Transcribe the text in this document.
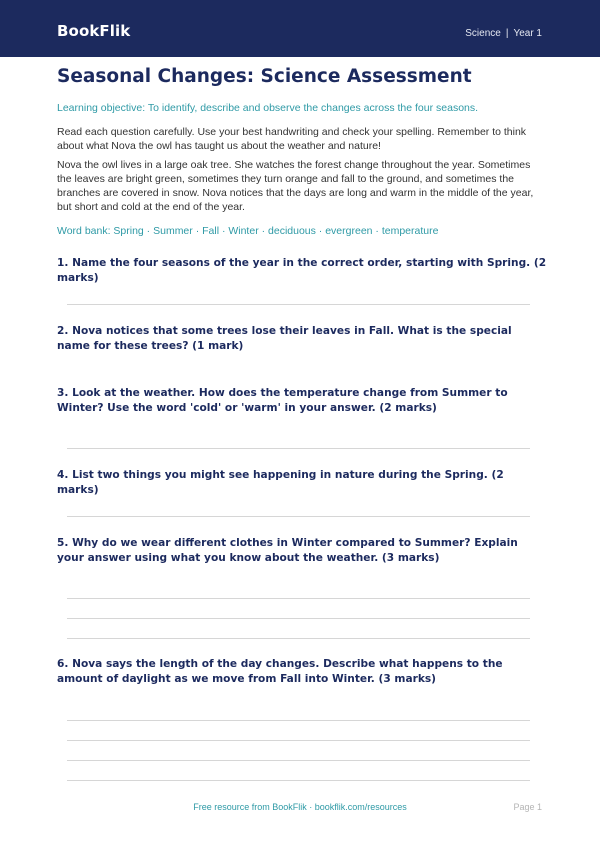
BookFlik	Science | Year 1
Seasonal Changes: Science Assessment
Learning objective: To identify, describe and observe the changes across the four seasons.
Read each question carefully. Use your best handwriting and check your spelling. Remember to think about what Nova the owl has taught us about the weather and nature!
Nova the owl lives in a large oak tree. She watches the forest change throughout the year. Sometimes the leaves are bright green, sometimes they turn orange and fall to the ground, and sometimes the branches are covered in snow. Nova notices that the days are long and warm in the middle of the year, but short and cold at the end of the year.
Word bank: Spring · Summer · Fall · Winter · deciduous · evergreen · temperature
1. Name the four seasons of the year in the correct order, starting with Spring. (2 marks)
2. Nova notices that some trees lose their leaves in Fall. What is the special name for these trees? (1 mark)
3. Look at the weather. How does the temperature change from Summer to Winter? Use the word 'cold' or 'warm' in your answer. (2 marks)
4. List two things you might see happening in nature during the Spring. (2 marks)
5. Why do we wear different clothes in Winter compared to Summer? Explain your answer using what you know about the weather. (3 marks)
6. Nova says the length of the day changes. Describe what happens to the amount of daylight as we move from Fall into Winter. (3 marks)
Free resource from BookFlik · bookflik.com/resources	Page 1
